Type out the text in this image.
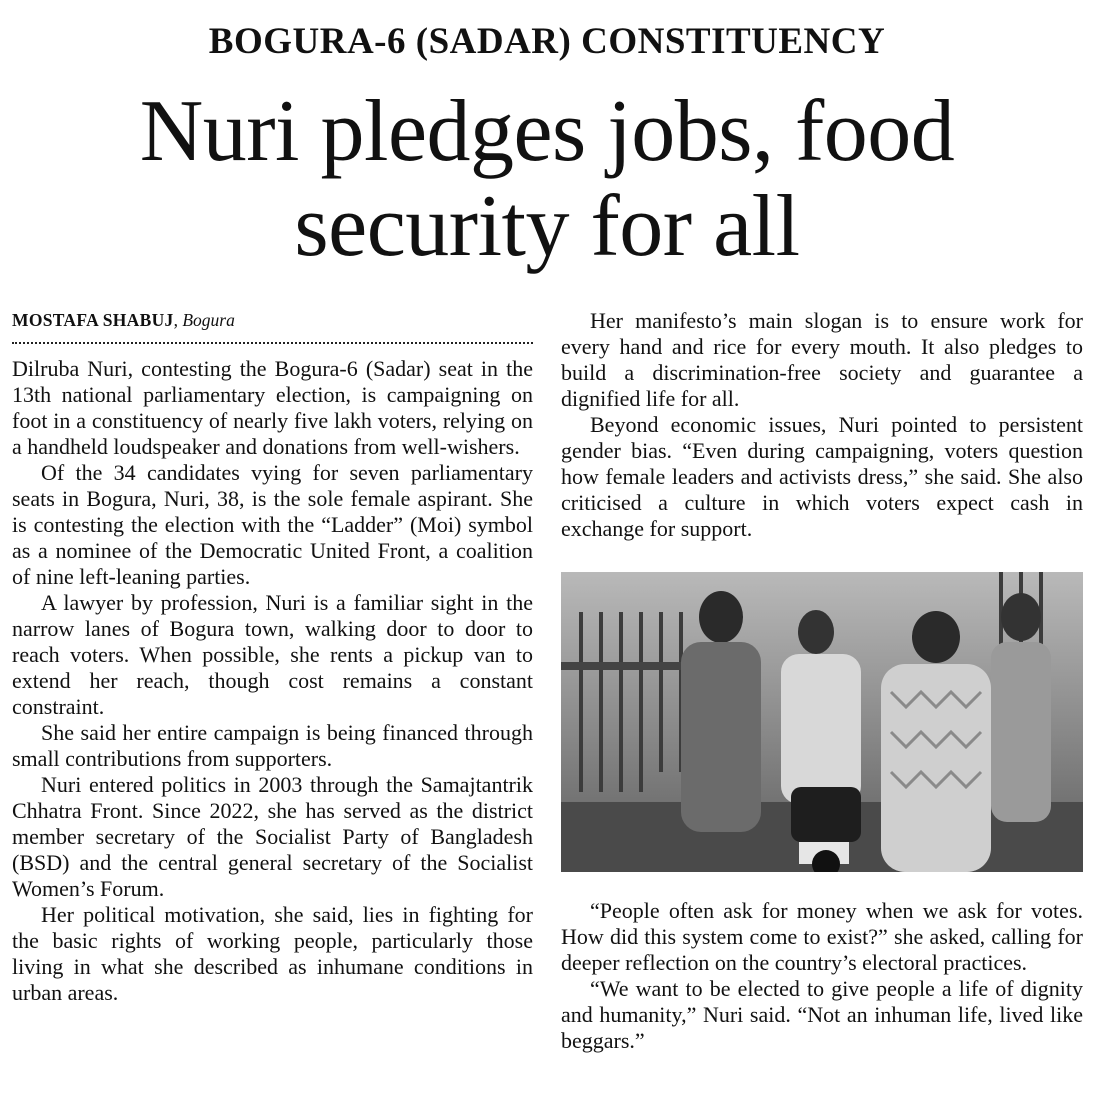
BOGURA-6 (SADAR) CONSTITUENCY
Nuri pledges jobs, food
security for all
MOSTAFA SHABUJ, Bogura

Dilruba Nuri, contesting the Bogura-6 (Sadar) seat in the 13th national parliamentary election, is campaigning on foot in a constituency of nearly five lakh voters, relying on a handheld loudspeaker and donations from well-wishers.

Of the 34 candidates vying for seven parliamentary seats in Bogura, Nuri, 38, is the sole female aspirant. She is contesting the election with the “Ladder” (Moi) symbol as a nominee of the Democratic United Front, a coalition of nine left-leaning parties.

A lawyer by profession, Nuri is a familiar sight in the narrow lanes of Bogura town, walking door to door to reach voters. When possible, she rents a pickup van to extend her reach, though cost remains a constant constraint.

She said her entire campaign is being financed through small contributions from supporters.

Nuri entered politics in 2003 through the Samajtantrik Chhatra Front. Since 2022, she has served as the district member secretary of the Socialist Party of Bangladesh (BSD) and the central general secretary of the Socialist Women’s Forum.

Her political motivation, she said, lies in fighting for the basic rights of working people, particularly those living in what she described as inhumane conditions in urban areas.

Her manifesto’s main slogan is to ensure work for every hand and rice for every mouth. It also pledges to build a discrimination-free society and guarantee a dignified life for all.

Beyond economic issues, Nuri pointed to persistent gender bias. “Even during campaigning, voters question how female leaders and activists dress,” she said. She also criticised a culture in which voters expect cash in exchange for support.

“People often ask for money when we ask for votes. How did this system come to exist?” she asked, calling for deeper reflection on the country’s electoral practices.

“We want to be elected to give people a life of dignity and humanity,” Nuri said. “Not an inhuman life, lived like beggars.”
